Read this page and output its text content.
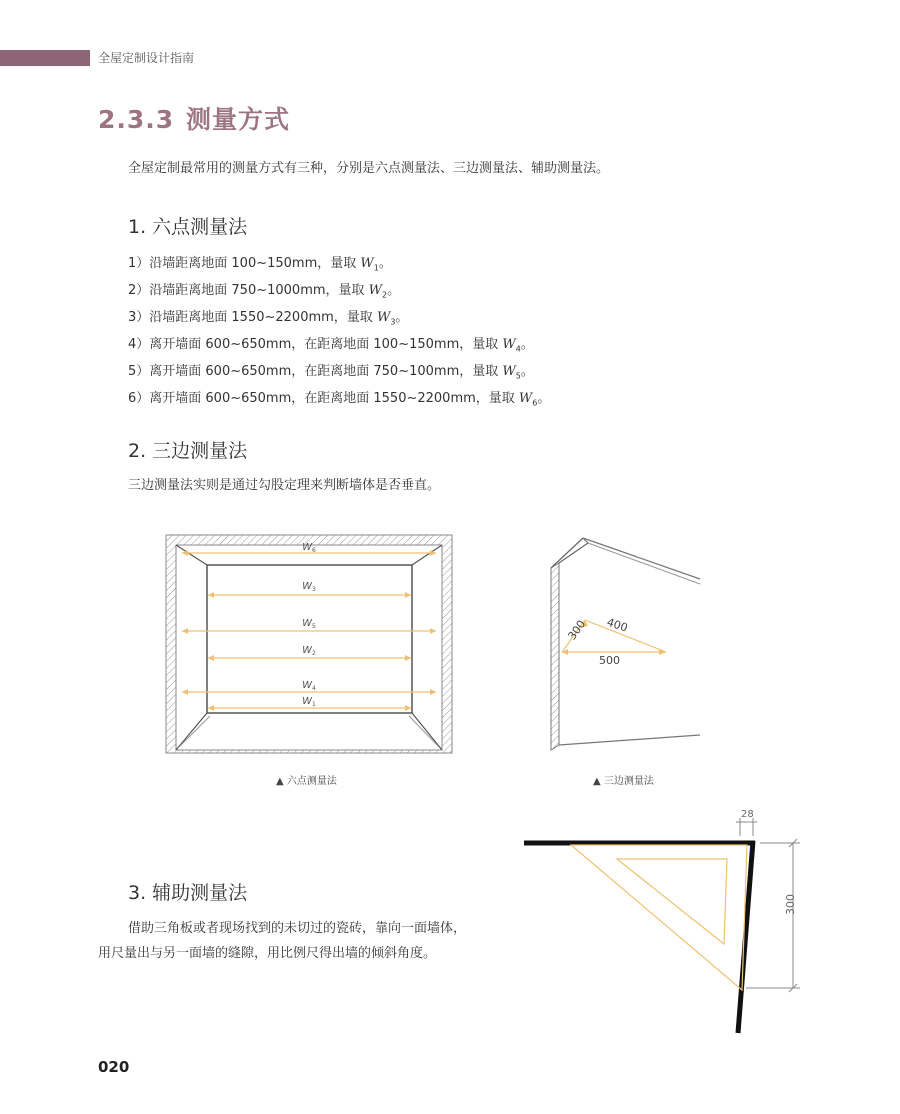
全屋定制设计指南
2.3.3 测量方式
全屋定制最常用的测量方式有三种，分别是六点测量法、三边测量法、辅助测量法。
1. 六点测量法
1）沿墙距离地面 100~150mm，量取 $W_1$。
2）沿墙距离地面 750~1000mm，量取 $W_2$。
3）沿墙距离地面 1550~2200mm，量取 $W_3$。
4）离开墙面 600~650mm，在距离地面 100~150mm，量取 $W_4$。
5）离开墙面 600~650mm，在距离地面 750~100mm，量取 $W_5$。
6）离开墙面 600~650mm，在距离地面 1550~2200mm，量取 $W_6$。
2. 三边测量法
三边测量法实则是通过勾股定理来判断墙体是否垂直。
$W_6$
$W_3$
$W_5$
$W_2$
$W_4$
$W_1$
▲ 六点测量法
300 400
500
▲ 三边测量法
3. 辅助测量法
借助三角板或者现场找到的未切过的瓷砖，靠向一面墙体，
用尺量出与另一面墙的缝隙，用比例尺得出墙的倾斜角度。
28
300
020
